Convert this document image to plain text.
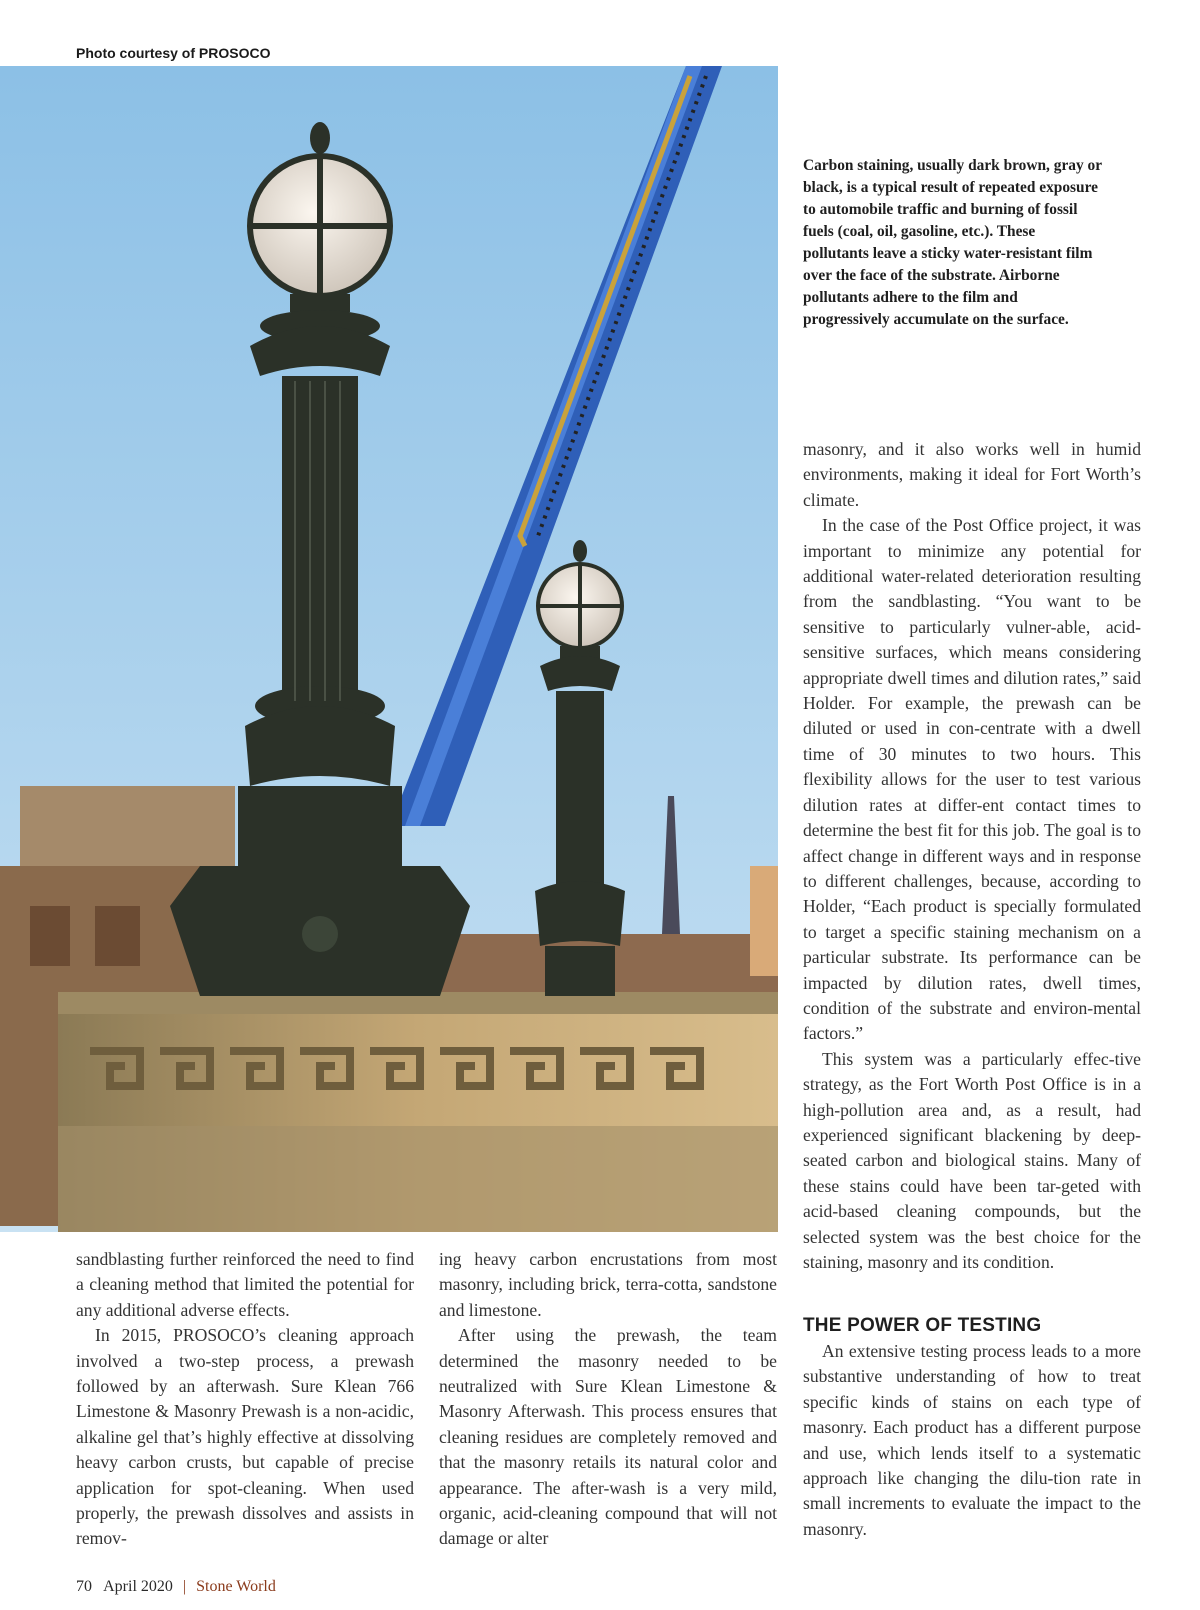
Photo courtesy of PROSOCO

Carbon staining, usually dark brown, gray or black, is a typical result of repeated exposure to automobile traffic and burning of fossil fuels (coal, oil, gasoline, etc.). These pollutants leave a sticky water-resistant film over the face of the substrate. Airborne pollutants adhere to the film and progressively accumulate on the surface.

sandblasting further reinforced the need to find a cleaning method that limited the potential for any additional adverse effects.

In 2015, PROSOCO’s cleaning approach involved a two-step process, a prewash followed by an afterwash. Sure Klean 766 Limestone & Masonry Prewash is a non-acidic, alkaline gel that’s highly effective at dissolving heavy carbon crusts, but capable of precise application for spot-cleaning. When used properly, the prewash dissolves and assists in remov-

ing heavy carbon encrustations from most masonry, including brick, terra-cotta, sandstone and limestone.

After using the prewash, the team determined the masonry needed to be neutralized with Sure Klean Limestone & Masonry Afterwash. This process ensures that cleaning residues are completely removed and that the masonry retails its natural color and appearance. The after-wash is a very mild, organic, acid-cleaning compound that will not damage or alter

masonry, and it also works well in humid environments, making it ideal for Fort Worth’s climate.

In the case of the Post Office project, it was important to minimize any potential for additional water-related deterioration resulting from the sandblasting. “You want to be sensitive to particularly vulner-able, acid-sensitive surfaces, which means considering appropriate dwell times and dilution rates,” said Holder. For example, the prewash can be diluted or used in con-centrate with a dwell time of 30 minutes to two hours. This flexibility allows for the user to test various dilution rates at differ-ent contact times to determine the best fit for this job. The goal is to affect change in different ways and in response to different challenges, because, according to Holder, “Each product is specially formulated to target a specific staining mechanism on a particular substrate. Its performance can be impacted by dilution rates, dwell times, condition of the substrate and environ-mental factors.”

This system was a particularly effec-tive strategy, as the Fort Worth Post Office is in a high-pollution area and, as a result, had experienced significant blackening by deep-seated carbon and biological stains. Many of these stains could have been tar-geted with acid-based cleaning compounds, but the selected system was the best choice for the staining, masonry and its condition.

THE POWER OF TESTING

An extensive testing process leads to a more substantive understanding of how to treat specific kinds of stains on each type of masonry. Each product has a different purpose and use, which lends itself to a systematic approach like changing the dilu-tion rate in small increments to evaluate the impact to the masonry.

70 April 2020 | Stone World
